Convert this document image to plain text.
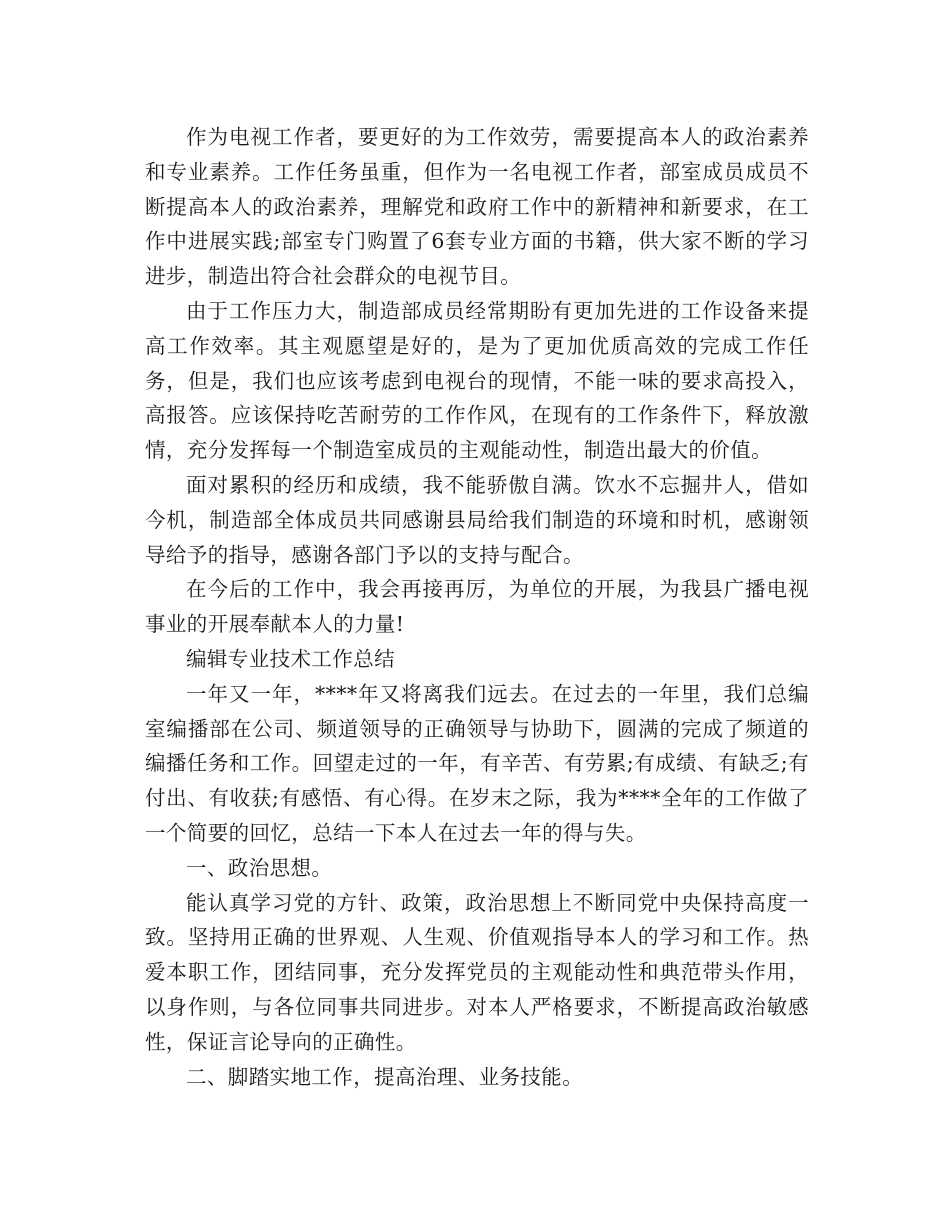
作为电视工作者，要更好的为工作效劳，需要提高本人的政治素养和专业素养。工作任务虽重，但作为一名电视工作者，部室成员成员不断提高本人的政治素养，理解党和政府工作中的新精神和新要求，在工作中进展实践;部室专门购置了6套专业方面的书籍，供大家不断的学习进步，制造出符合社会群众的电视节目。

由于工作压力大，制造部成员经常期盼有更加先进的工作设备来提高工作效率。其主观愿望是好的，是为了更加优质高效的完成工作任务，但是，我们也应该考虑到电视台的现情，不能一味的要求高投入，高报答。应该保持吃苦耐劳的工作作风，在现有的工作条件下，释放激情，充分发挥每一个制造室成员的主观能动性，制造出最大的价值。

面对累积的经历和成绩，我不能骄傲自满。饮水不忘掘井人，借如今机，制造部全体成员共同感谢县局给我们制造的环境和时机，感谢领导给予的指导，感谢各部门予以的支持与配合。

在今后的工作中，我会再接再厉，为单位的开展，为我县广播电视事业的开展奉献本人的力量!

编辑专业技术工作总结

一年又一年，****年又将离我们远去。在过去的一年里，我们总编室编播部在公司、频道领导的正确领导与协助下，圆满的完成了频道的编播任务和工作。回望走过的一年，有辛苦、有劳累;有成绩、有缺乏;有付出、有收获;有感悟、有心得。在岁末之际，我为****全年的工作做了一个简要的回忆，总结一下本人在过去一年的得与失。

一、政治思想。

能认真学习党的方针、政策，政治思想上不断同党中央保持高度一致。坚持用正确的世界观、人生观、价值观指导本人的学习和工作。热爱本职工作，团结同事，充分发挥党员的主观能动性和典范带头作用，以身作则，与各位同事共同进步。对本人严格要求，不断提高政治敏感性，保证言论导向的正确性。

二、脚踏实地工作，提高治理、业务技能。
